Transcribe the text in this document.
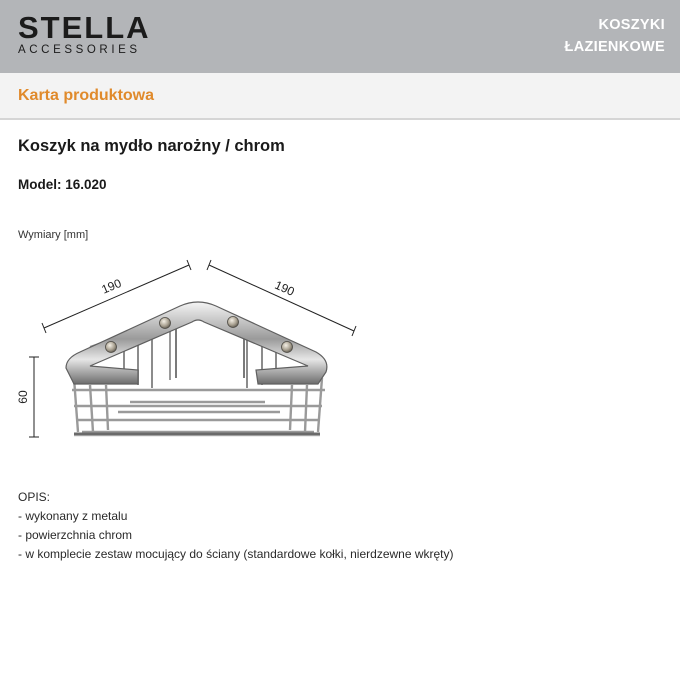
STELLA
ACCESSORIES
KOSZYKI
ŁAZIENKOWE
Karta produktowa
Koszyk na mydło narożny / chrom
Model: 16.020
Wymiary [mm]
190	190
60
OPIS:
- wykonany z metalu
- powierzchnia chrom
- w komplecie zestaw mocujący do ściany (standardowe kołki, nierdzewne wkręty)
